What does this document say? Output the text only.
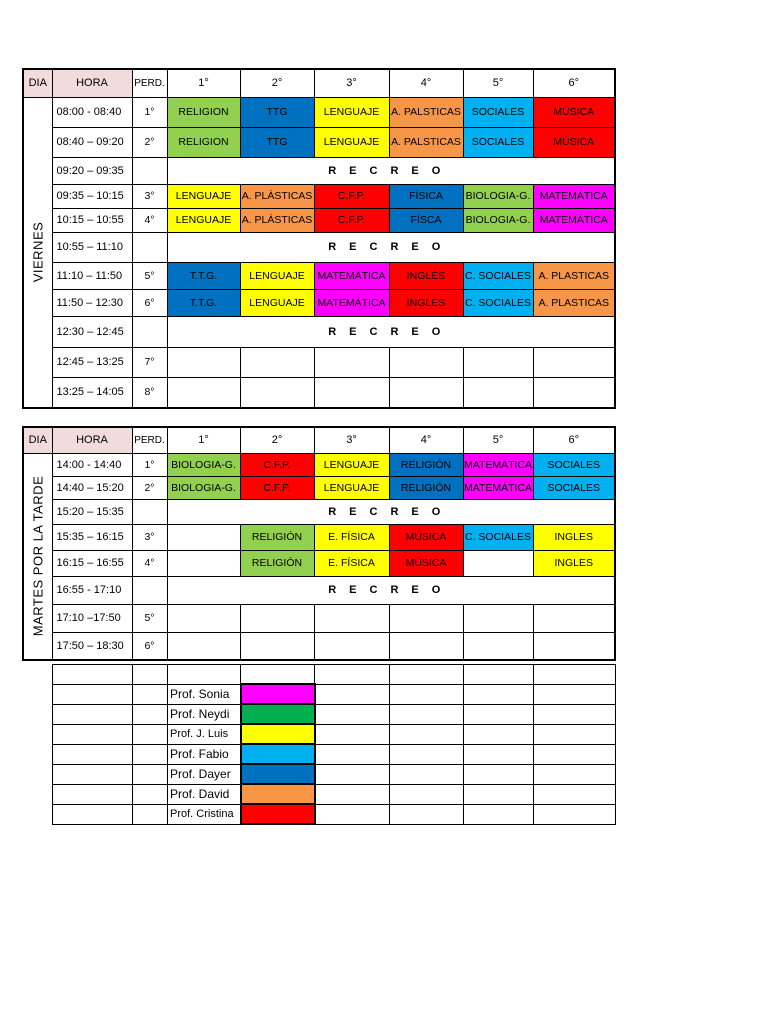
DIA	HORA	PERD.	1°	2°	3°	4°	5°	6°

VIERNES	08:00 - 08:40	1°	RELIGION	TTG	LENGUAJE	A. PALSTICAS	SOCIALES	MÚSICA
	08:40 – 09:20	2°	RELIGION	TTG	LENGUAJE	A. PALSTICAS	SOCIALES	MÚSICA
	09:20 – 09:35		RECREO					
	09:35 – 10:15	3°	LENGUAJE	A. PLÁSTICAS	C.F.P.	FÍSICA	BIOLOGIA-G.	MATEMÁTICA
	10:15 – 10:55	4°	LENGUAJE	A. PLÁSTICAS	C.F.P.	FÍSCA	BIOLOGIA-G.	MATEMÁTICA
	10:55 – 11:10		RECREO					
	11:10 – 11:50	5°	T.T.G.	LENGUAJE	MATEMÁTICA	INGLÉS	C. SOCIALES	A. PLASTICAS
	11:50 – 12:30	6°	T.T.G.	LENGUAJE	MATEMÁTICA	INGLÉS	C. SOCIALES	A. PLASTICAS
	12:30 – 12:45		RECREO					
	12:45 – 13:25	7°						
	13:25 – 14:05	8°						
DIA	HORA	PERD.	1°	2°	3°	4°	5°	6°

MARTES POR LA TARDE	14:00 - 14:40	1°	BIOLOGIA-G.	C.F.P.	LENGUAJE	RELIGIÓN	MATEMÁTICA	SOCIALES
	14:40 – 15:20	2°	BIOLOGIA-G.	C.F.P.	LENGUAJE	RELIGIÓN	MATEMÁTICA	SOCIALES
	15:20 – 15:35		RECREO					
	15:35 – 16:15	3°		RELIGIÓN	E. FÍSICA	MÚSICA	C. SOCIALES	INGLES
	16:15 – 16:55	4°		RELIGIÓN	E. FÍSICA	MÚSICA		INGLES
	16:55 - 17:10		RECREO					
	17:10 –17:50	5°						
	17:50 – 18:30	6°						

		Prof. Sonia					
		Prof. Neydi					
		Prof. J. Luis					
		Prof. Fabio					
		Prof. Dayer					
		Prof. David					
		Prof. Cristina					
